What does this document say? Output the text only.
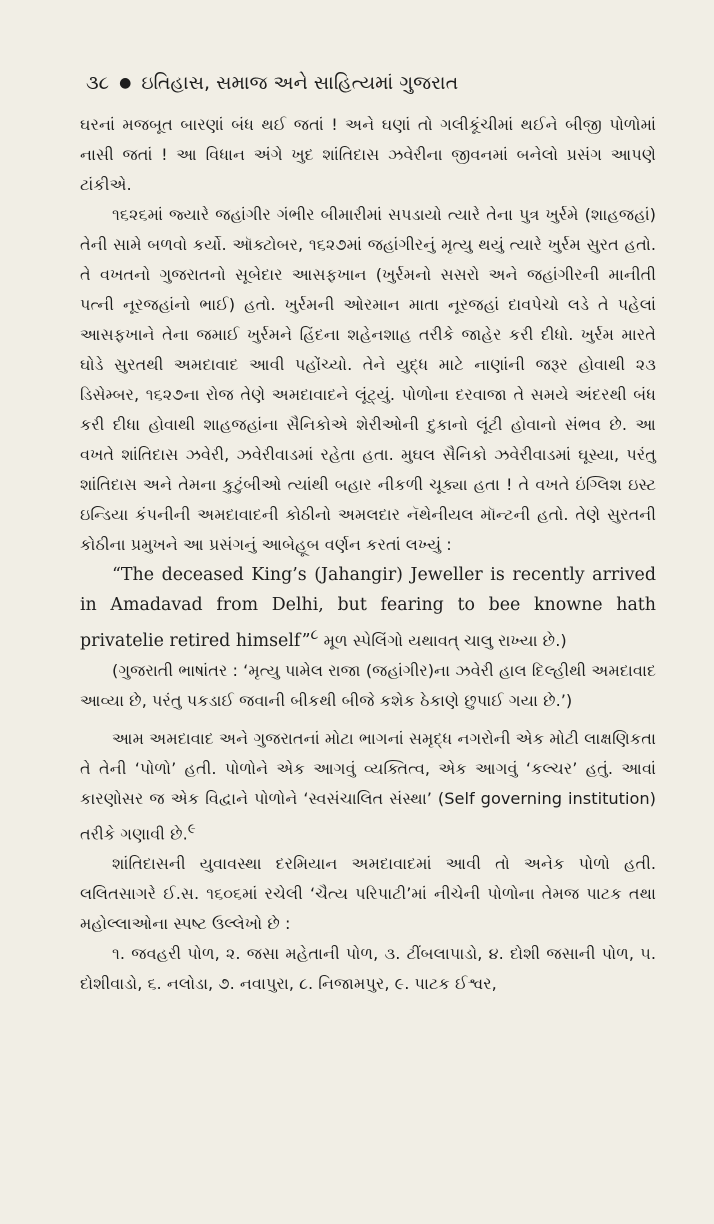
૩૮ ● ઇતિહાસ, સમાજ અને સાહિત્યમાં ગુજરાત

ઘરનાં મજબૂત બારણાં બંધ થઈ જતાં ! અને ઘણાં તો ગલીકૂંચીમાં થઈને બીજી પોળોમાં નાસી જતાં ! આ વિધાન અંગે ખુદ શાંતિદાસ ઝવેરીના જીવનમાં બનેલો પ્રસંગ આપણે ટાંકીએ.

૧૬૨૬માં જ્યારે જહાંગીર ગંભીર બીમારીમાં સપડાયો ત્યારે તેના પુત્ર ખુર્રમે (શાહજહાં) તેની સામે બળવો કર્યો. ઑક્ટોબર, ૧૬૨૭માં જહાંગીરનું મૃત્યુ થયું ત્યારે ખુર્રમ સુરત હતો. તે વખતનો ગુજરાતનો સૂબેદાર આસફખાન (ખુર્રમનો સસરો અને જહાંગીરની માનીતી પત્ની નૂરજહાંનો ભાઈ) હતો. ખુર્રમની ઓરમાન માતા નૂરજહાં દાવપેચો લડે તે પહેલાં આસફખાને તેના જમાઈ ખુર્રમને હિંદના શહેનશાહ તરીકે જાહેર કરી દીધો. ખુર્રમ મારતે ઘોડે સુરતથી અમદાવાદ આવી પહોંચ્યો. તેને યુદ્ધ માટે નાણાંની જરૂર હોવાથી ૨૩ ડિસેમ્બર, ૧૬૨૭ના રોજ તેણે અમદાવાદને લૂંટ્યું. પોળોના દરવાજા તે સમયે અંદરથી બંધ કરી દીધા હોવાથી શાહજહાંના સૈનિકોએ શેરીઓની દુકાનો લૂંટી હોવાનો સંભવ છે. આ વખતે શાંતિદાસ ઝવેરી, ઝવેરીવાડમાં રહેતા હતા. મુઘલ સૈનિકો ઝવેરીવાડમાં ઘૂસ્યા, પરંતુ શાંતિદાસ અને તેમના કુટુંબીઓ ત્યાંથી બહાર નીકળી ચૂક્યા હતા ! તે વખતે ઇંગ્લિશ ઇસ્ટ ઇન્ડિયા કંપનીની અમદાવાદની કોઠીનો અમલદાર નૅથેનીયલ મૉન્ટની હતો. તેણે સુરતની કોઠીના પ્રમુખને આ પ્રસંગનું આબેહૂબ વર્ણન કરતાં લખ્યું :

“The deceased King’s (Jahangir) Jeweller is recently arrived in Amadavad from Delhi, but fearing to bee knowne hath privatelie retired himself”$^૮$ મૂળ સ્પેલિંગો યથાવત્ ચાલુ રાખ્યા છે.)

(ગુજરાતી ભાષાંતર : ‘મૃત્યુ પામેલ રાજા (જહાંગીર)ના ઝવેરી હાલ દિલ્હીથી અમદાવાદ આવ્યા છે, પરંતુ પકડાઈ જવાની બીકથી બીજે કશેક ઠેકાણે છુપાઈ ગયા છે.’)

આમ અમદાવાદ અને ગુજરાતનાં મોટા ભાગનાં સમૃદ્ધ નગરોની એક મોટી લાક્ષણિકતા તે તેની ‘પોળો’ હતી. પોળોને એક આગવું વ્યક્તિત્વ, એક આગવું ‘કલ્ચર’ હતું. આવાં કારણોસર જ એક વિદ્વાને પોળોને ‘સ્વસંચાલિત સંસ્થા’ (Self governing institution) તરીકે ગણાવી છે.$^૯$

શાંતિદાસની યુવાવસ્થા દરમિયાન અમદાવાદમાં આવી તો અનેક પોળો હતી. લલિતસાગરે ઈ.સ. ૧૬૦૬માં રચેલી ‘ચૈત્ય પરિપાટી’માં નીચેની પોળોના તેમજ પાટક તથા મહોલ્લાઓના સ્પષ્ટ ઉલ્લેખો છે :

૧. જવહરી પોળ, ૨. જસા મહેતાની પોળ, ૩. ટીંબલાપાડો, ૪. દોશી જસાની પોળ, ૫. દોશીવાડો, ૬. નલોડા, ૭. નવાપુરા, ૮. નિજામપુર, ૯. પાટક ઈશ્વર,
